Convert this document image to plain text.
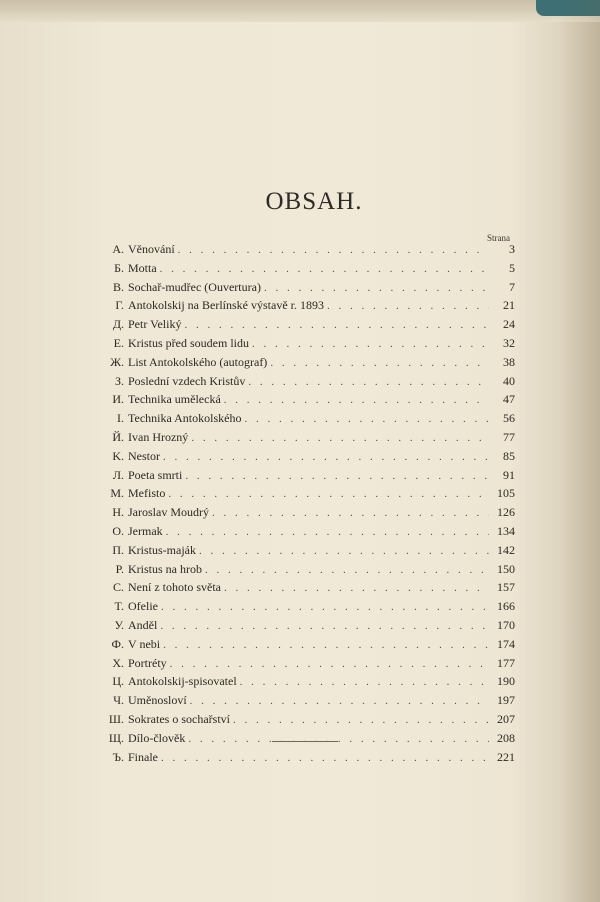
OBSAH.
Strana
A. Věnování . . .	3
Б. Motta . . .	5
B. Sochař-mudřec (Ouvertura) . . .	7
Г. Antokolskij na Berlínské výstavě r. 1893 . . .	21
Д. Petr Veliký . . .	24
E. Kristus před soudem lidu . . .	32
Ж. List Antokolského (autograf) . . .	38
З. Poslední vzdech Kristův . . .	40
И. Technika umělecká . . .	47
I. Technika Antokolského . . .	56
Й. Ivan Hrozný . . .	77
K. Nestor . . .	85
Л. Poeta smrti . . .	91
M. Mefisto . . .	105
H. Jaroslav Moudrý . . .	126
O. Jermak . . .	134
П. Kristus-maják . . .	142
P. Kristus na hrob . . .	150
C. Není z tohoto světa . . .	157
T. Ofelie . . .	166
У. Anděl . . .	170
Ф. V nebi . . .	174
X. Portréty . . .	177
Ц. Antokolskij-spisovatel . . .	190
Ч. Uměnosloví . . .	197
Ш. Sokrates o sochařství . . .	207
Щ. Dílo-člověk . . .	208
Ъ. Finale . . .	221
